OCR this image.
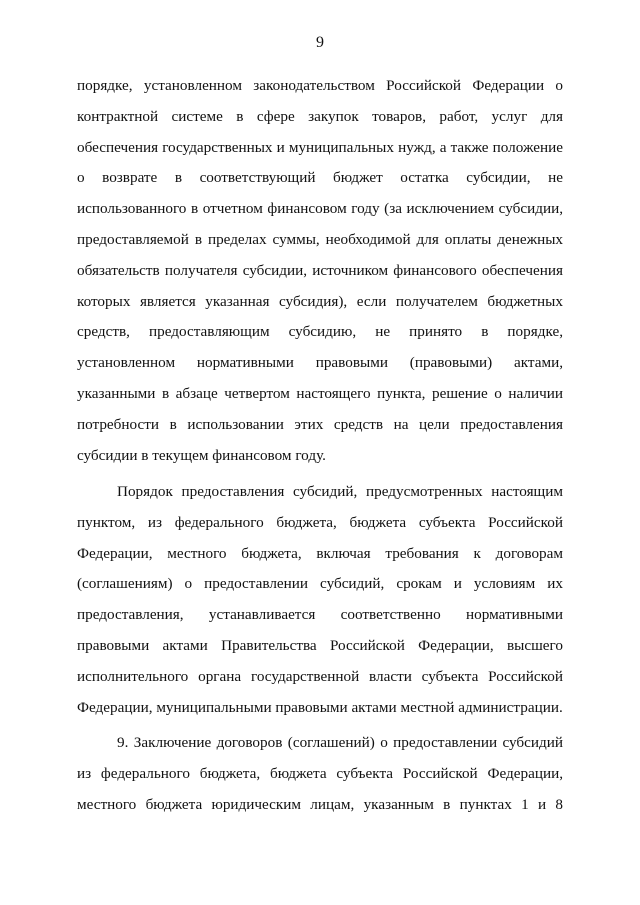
9

порядке, установленном законодательством Российской Федерации о контрактной системе в сфере закупок товаров, работ, услуг для обеспечения государственных и муниципальных нужд, а также положение о возврате в соответствующий бюджет остатка субсидии, не использованного в отчетном финансовом году (за исключением субсидии, предоставляемой в пределах суммы, необходимой для оплаты денежных обязательств получателя субсидии, источником финансового обеспечения которых является указанная субсидия), если получателем бюджетных средств, предоставляющим субсидию, не принято в порядке, установленном нормативными правовыми (правовыми) актами, указанными в абзаце четвертом настоящего пункта, решение о наличии потребности в использовании этих средств на цели предоставления субсидии в текущем финансовом году.

Порядок предоставления субсидий, предусмотренных настоящим пунктом, из федерального бюджета, бюджета субъекта Российской Федерации, местного бюджета, включая требования к договорам (соглашениям) о предоставлении субсидий, срокам и условиям их предоставления, устанавливается соответственно нормативными правовыми актами Правительства Российской Федерации, высшего исполнительного органа государственной власти субъекта Российской Федерации, муниципальными правовыми актами местной администрации.

9. Заключение договоров (соглашений) о предоставлении субсидий из федерального бюджета, бюджета субъекта Российской Федерации, местного бюджета юридическим лицам, указанным в пунктах 1 и 8
